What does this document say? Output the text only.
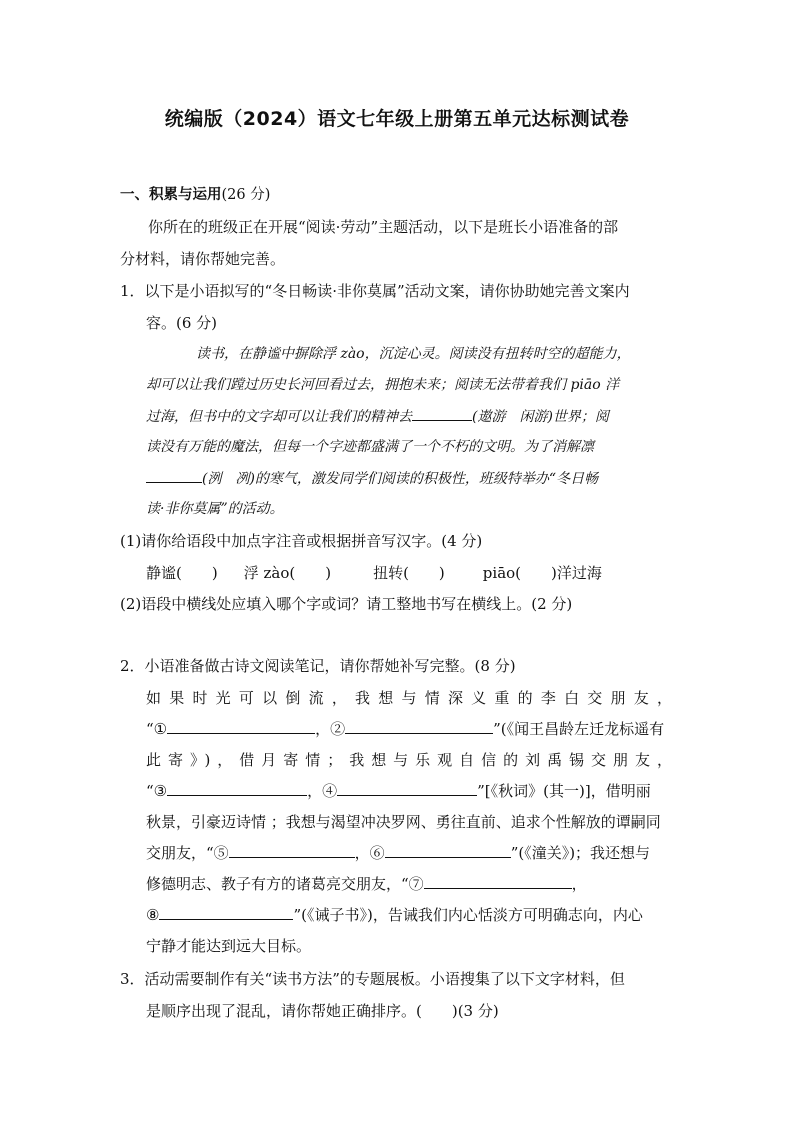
统编版（2024）语文七年级上册第五单元达标测试卷
一、积累与运用(26 分)
你所在的班级正在开展“阅读·劳动”主题活动，以下是班长小语准备的部
分材料，请你帮她完善。
1．以下是小语拟写的“冬日畅读·非你莫属”活动文案，请你协助她完善文案内
容。(6 分)
读书，在静谧中摒除浮 zào，沉淀心灵。阅读没有扭转时空的超能力，
却可以让我们蹚过历史长河回看过去，拥抱未来；阅读无法带着我们 piāo 洋
过海，但书中的文字却可以让我们的精神去	(遨游　闲游)世界；阅
读没有万能的魔法，但每一个字迹都盛满了一个不朽的文明。为了消解凛
(洌　冽)的寒气，激发同学们阅读的积极性，班级特举办“冬日畅
读·非你莫属”的活动。
(1)请你给语段中加点字注音或根据拼音写汉字。(4 分)
静谧(　　) 浮 zào(　　)	扭转(　　)	piāo(　　)洋过海
(2)语段中横线处应填入哪个字或词？请工整地书写在横线上。(2 分)
2．小语准备做古诗文阅读笔记，请你帮她补写完整。(8 分)
如果时光可以倒流，我想与情深义重的李白交朋友，
“①	，②	”(《闻王昌龄左迁龙标遥有
此寄》)，借月寄情；我想与乐观自信的刘禹锡交朋友，
“③	，④	”[《秋词》(其一)]，借明丽
秋景，引豪迈诗情 ；我想与渴望冲决罗网、勇往直前、追求个性解放的谭嗣同
交朋友，“⑤	，⑥	”(《潼关》)；我还想与
修德明志、教子有方的诸葛亮交朋友，“⑦	，
⑧	”(《诫子书》)，告诫我们内心恬淡方可明确志向，内心
宁静才能达到远大目标。
3．活动需要制作有关“读书方法”的专题展板。小语搜集了以下文字材料，但
是顺序出现了混乱，请你帮她正确排序。(　　)(3 分)
